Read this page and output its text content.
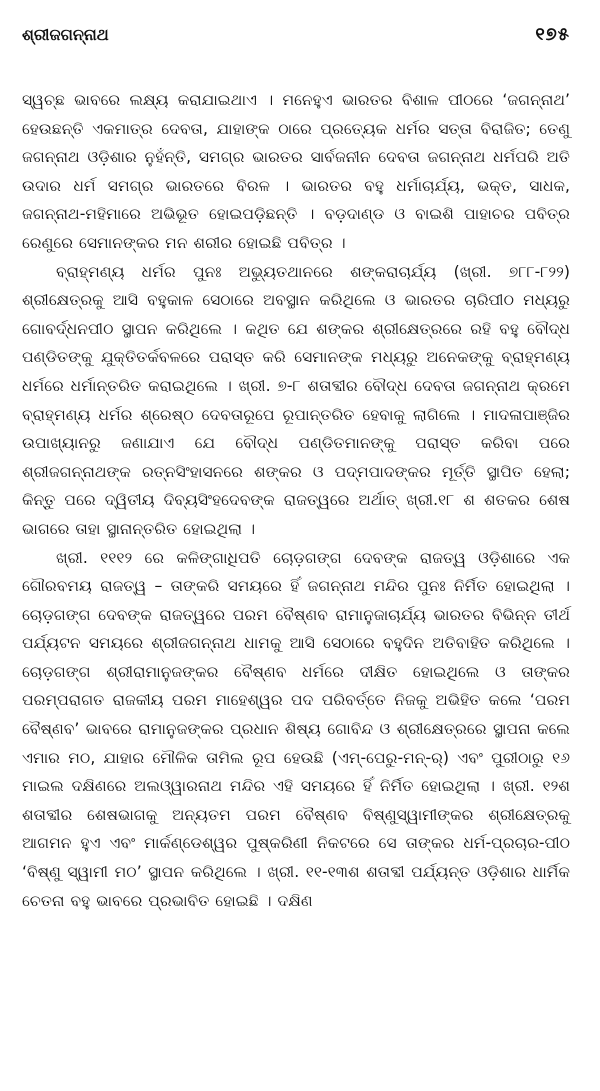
ଶ୍ରୀଜଗନ୍ନାଥ	୧୭୫

ସ୍ୱଚ୍ଛ ଭାବରେ ଲକ୍ଷ୍ୟ କରାଯାଇଥାଏ । ମନେହୁଏ ଭାରତର ବିଶାଳ ପୀଠରେ ‘ଜଗନ୍ନାଥ’ ହେଉଛନ୍ତି ଏକମାତ୍ର ଦେବତା, ଯାହାଙ୍କ ଠାରେ ପ୍ରତ୍ୟେକ ଧର୍ମର ସତ୍ତା ବିରାଜିତ; ତେଣୁ ଜଗନ୍ନାଥ ଓଡ଼ିଶାର ନୁହଁନ୍ତି, ସମଗ୍ର ଭାରତର ସାର୍ବଜନୀନ ଦେବତା ଜଗନ୍ନାଥ ଧର୍ମପରି ଅତି ଉଦାର ଧର୍ମ ସମଗ୍ର ଭାରତରେ ବିରଳ । ଭାରତର ବହୁ ଧର୍ମାଚାର୍ଯ୍ୟ, ଭକ୍ତ, ସାଧକ, ଜଗନ୍ନାଥ-ମହିମାରେ ଅଭିଭୂତ ହୋଇପଡ଼ିଛନ୍ତି । ବଡ଼ଦାଣ୍ଡ ଓ ବାଇଶି ପାହାଚର ପବିତ୍ର ରେଣୁରେ ସେମାନଙ୍କର ମନ ଶରୀର ହୋଇଛି ପବିତ୍ର ।

ବ୍ରାହ୍ମଣ୍ୟ ଧର୍ମର ପୁନଃ ଅଭ୍ୟୁତଥାନରେ ଶଙ୍କରାଚାର୍ଯ୍ୟ (ଖ୍ରୀ. ୭୮୮-୮୨୨) ଶ୍ରୀକ୍ଷେତ୍ରକୁ ଆସି ବହୁକାଳ ସେଠାରେ ଅବସ୍ଥାନ କରିଥିଲେ ଓ ଭାରତର ଚାରିପୀଠ ମଧ୍ୟରୁ ଗୋବର୍ଦ୍ଧନପୀଠ ସ୍ଥାପନ କରିଥିଲେ । କଥିତ ଯେ ଶଙ୍କର ଶ୍ରୀକ୍ଷେତ୍ରରେ ରହି ବହୁ ବୌଦ୍ଧ ପଣ୍ଡିତଙ୍କୁ ଯୁକ୍ତିତର୍କବଳରେ ପରାସ୍ତ କରି ସେମାନଙ୍କ ମଧ୍ୟରୁ ଅନେକଙ୍କୁ ବ୍ରାହ୍ମଣ୍ୟ ଧର୍ମରେ ଧର୍ମାନ୍ତରିତ କରାଇଥିଲେ । ଖ୍ରୀ. ୭-୮ ଶତାବ୍ଦୀର ବୌଦ୍ଧ ଦେବତା ଜଗନ୍ନାଥ କ୍ରମେ ବ୍ରାହ୍ମଣ୍ୟ ଧର୍ମର ଶ୍ରେଷ୍ଠ ଦେବତାରୂପେ ରୂପାନ୍ତରିତ ହେବାକୁ ଲାଗିଲେ । ମାଦଳାପାଞ୍ଜିର ଉପାଖ୍ୟାନରୁ ଜଣାଯାଏ ଯେ ବୌଦ୍ଧ ପଣ୍ଡିତମାନଙ୍କୁ ପରାସ୍ତ କରିବା ପରେ ଶ୍ରୀଜଗନ୍ନାଥଙ୍କ ରତ୍ନସିଂହାସନରେ ଶଙ୍କର ଓ ପଦ୍ମପାଦଙ୍କର ମୂର୍ତ୍ତି ସ୍ଥାପିତ ହେଲା; କିନ୍ତୁ ପରେ ଦ୍ୱିତୀୟ ଦିବ୍ୟସିଂହଦେବଙ୍କ ରାଜତ୍ୱରେ ଅର୍ଥାତ୍ ଖ୍ରୀ.୧୮ ଶ ଶତକର ଶେଷ ଭାଗରେ ତାହା ସ୍ଥାନାନ୍ତରିତ ହୋଇଥିଲା ।

ଖ୍ରୀ. ୧୧୧୨ ରେ କଳିଙ୍ଗାଧିପତି ଚୋଡ଼ଗଙ୍ଗ ଦେବଙ୍କ ରାଜତ୍ୱ ଓଡ଼ିଶାରେ ଏକ ଗୌରବମୟ ରାଜତ୍ୱ – ତାଙ୍କରି ସମୟରେ ହିଁ ଜଗନ୍ନାଥ ମନ୍ଦିର ପୁନଃ ନିର୍ମିତ ହୋଇଥିଲା । ଚୋଡ଼ଗଙ୍ଗ ଦେବଙ୍କ ରାଜତ୍ୱରେ ପରମ ବୈଷ୍ଣବ ରାମାନୁଜାଚାର୍ଯ୍ୟ ଭାରତର ବିଭିନ୍ନ ତୀର୍ଥ ପର୍ଯ୍ୟଟନ ସମୟରେ ଶ୍ରୀଜଗନ୍ନାଥ ଧାମକୁ ଆସି ସେଠାରେ ବହୁଦିନ ଅତିବାହିତ କରିଥିଲେ । ଚୋଡ଼ଗଙ୍ଗ ଶ୍ରୀରାମାନୁଜଙ୍କର ବୈଷ୍ଣବ ଧର୍ମରେ ଦୀକ୍ଷିତ ହୋଇଥିଲେ ଓ ତାଙ୍କର ପରମ୍ପରାଗତ ରାଜକୀୟ ପରମ ମାହେଶ୍ୱର ପଦ ପରିବର୍ତ୍ତେ ନିଜକୁ ଅଭିହିତ କଲେ ‘ପରମ ବୈଷ୍ଣବ’ ଭାବରେ ରାମାନୁଜଙ୍କର ପ୍ରଧାନ ଶିଷ୍ୟ ଗୋବିନ୍ଦ ଓ ଶ୍ରୀକ୍ଷେତ୍ରରେ ସ୍ଥାପନା କଲେ ଏମାର ମଠ, ଯାହାର ମୌଳିକ ତାମିଲ ରୂପ ହେଉଛି (ଏମ୍-ପେରୁ-ମନ୍-ର୍) ଏବଂ ପୁରୀଠାରୁ ୧୬ ମାଇଲ ଦକ୍ଷିଣରେ ଅଲଓ୍ୱାରନାଥ ମନ୍ଦିର ଏହି ସମୟରେ ହିଁ ନିର୍ମିତ ହୋଇଥିଲା । ଖ୍ରୀ. ୧୨ଶ ଶତାବ୍ଦୀର ଶେଷଭାଗକୁ ଅନ୍ୟତମ ପରମ ବୈଷ୍ଣବ ବିଷ୍ଣୁସ୍ୱାମୀଙ୍କର ଶ୍ରୀକ୍ଷେତ୍ରକୁ ଆଗମନ ହୁଏ ଏବଂ ମାର୍କଣ୍ଡେଶ୍ୱର ପୁଷ୍କରିଣୀ ନିକଟରେ ସେ ତାଙ୍କର ଧର୍ମ-ପ୍ରଚାର-ପୀଠ ‘ବିଷ୍ଣୁ ସ୍ୱାମୀ ମଠ’ ସ୍ଥାପନ କରିଥିଲେ । ଖ୍ରୀ. ୧୧-୧୩ଶ ଶତାବ୍ଦୀ ପର୍ଯ୍ୟନ୍ତ ଓଡ଼ିଶାର ଧାର୍ମିକ ଚେତନା ବହୁ ଭାବରେ ପ୍ରଭାବିତ ହୋଇଛି । ଦକ୍ଷିଣ
